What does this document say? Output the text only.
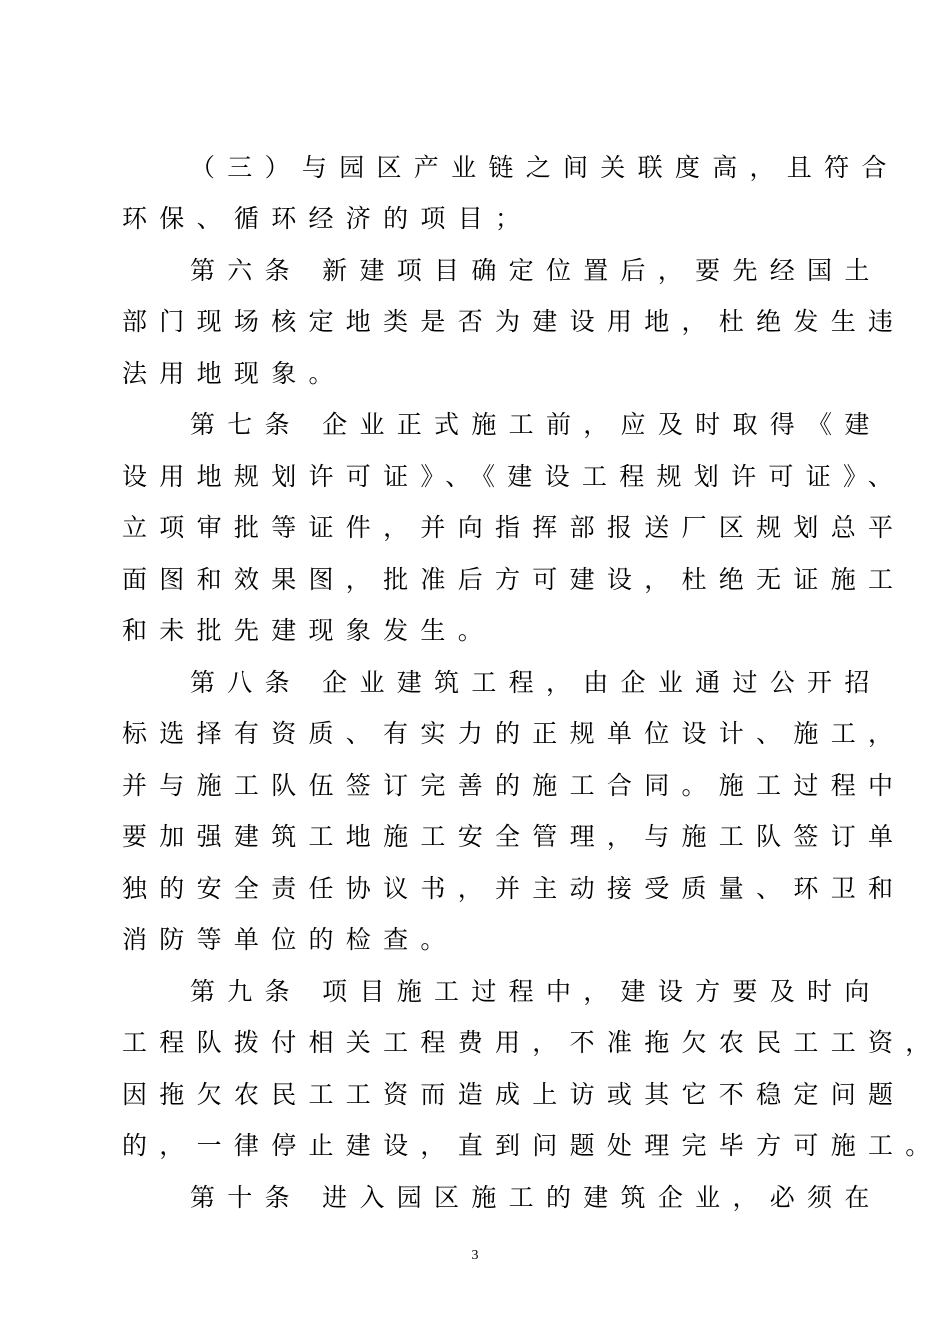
（三）与园区产业链之间关联度高，且符合
环保、循环经济的项目；
第六条 新建项目确定位置后，要先经国土
部门现场核定地类是否为建设用地，杜绝发生违
法用地现象。
第七条 企业正式施工前，应及时取得《建
设用地规划许可证》、《建设工程规划许可证》、
立项审批等证件，并向指挥部报送厂区规划总平
面图和效果图，批准后方可建设，杜绝无证施工
和未批先建现象发生。
第八条 企业建筑工程，由企业通过公开招
标选择有资质、有实力的正规单位设计、施工，
并与施工队伍签订完善的施工合同。施工过程中
要加强建筑工地施工安全管理，与施工队签订单
独的安全责任协议书，并主动接受质量、环卫和
消防等单位的检查。
第九条 项目施工过程中，建设方要及时向
工程队拨付相关工程费用，不准拖欠农民工工资，
因拖欠农民工工资而造成上访或其它不稳定问题
的，一律停止建设，直到问题处理完毕方可施工。
第十条 进入园区施工的建筑企业，必须在
3
